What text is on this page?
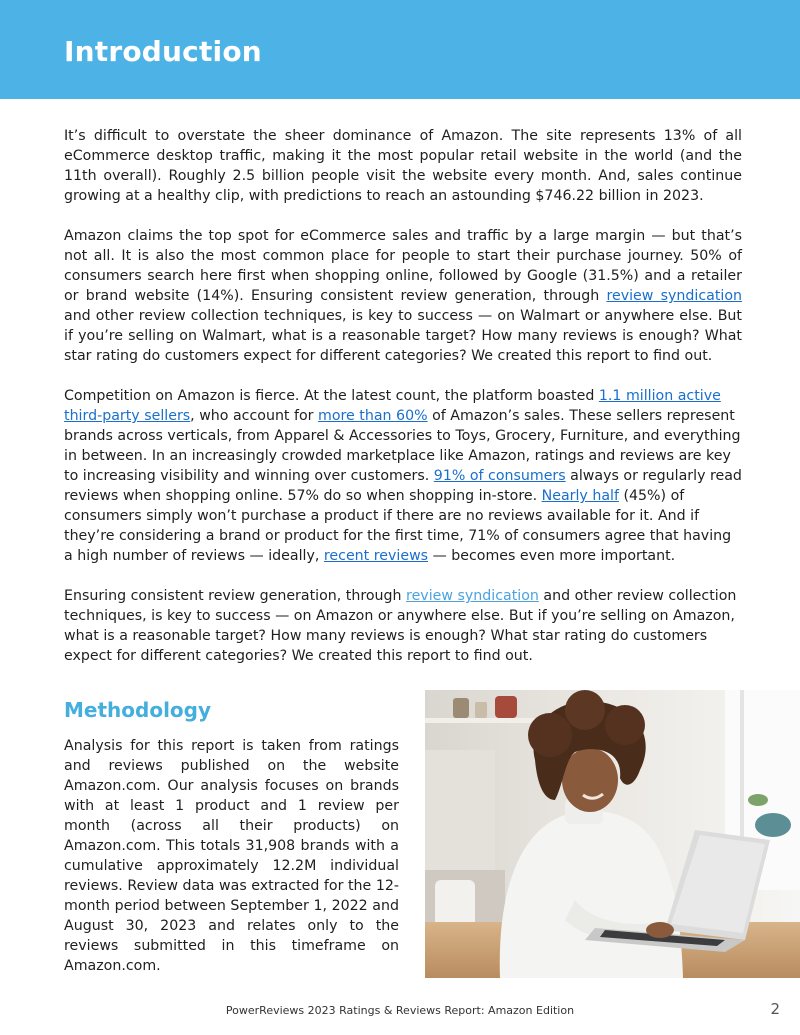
Introduction

It’s difficult to overstate the sheer dominance of Amazon. The site represents 13% of all eCommerce desktop traffic, making it the most popular retail website in the world (and the 11th overall). Roughly 2.5 billion people visit the website every month. And, sales continue growing at a healthy clip, with predictions to reach an astounding $746.22 billion in 2023.

Amazon claims the top spot for eCommerce sales and traffic by a large margin — but that’s not all. It is also the most common place for people to start their purchase journey. 50% of consumers search here first when shopping online, followed by Google (31.5%) and a retailer or brand website (14%). Ensuring consistent review generation, through review syndication and other review collection techniques, is key to success — on Walmart or anywhere else. But if you’re selling on Walmart, what is a reasonable target? How many reviews is enough? What star rating do customers expect for different categories? We created this report to find out.

Competition on Amazon is fierce. At the latest count, the platform boasted 1.1 million active third-party sellers, who account for more than 60% of Amazon’s sales. These sellers represent brands across verticals, from Apparel & Accessories to Toys, Grocery, Furniture, and everything in between. In an increasingly crowded marketplace like Amazon, ratings and reviews are key to increasing visibility and winning over customers. 91% of consumers always or regularly read reviews when shopping online. 57% do so when shopping in-store. Nearly half (45%) of consumers simply won’t purchase a product if there are no reviews available for it. And if they’re considering a brand or product for the first time, 71% of consumers agree that having a high number of reviews — ideally, recent reviews — becomes even more important.

Ensuring consistent review generation, through review syndication and other review collection techniques, is key to success — on Amazon or anywhere else. But if you’re selling on Amazon, what is a reasonable target? How many reviews is enough? What star rating do customers expect for different categories? We created this report to find out.

Methodology

Analysis for this report is taken from ratings and reviews published on the website Amazon.com. Our analysis focuses on brands with at least 1 product and 1 review per month (across all their products) on Amazon.com. This totals 31,908 brands with a cumulative approximately 12.2M individual reviews. Review data was extracted for the 12-month period between September 1, 2022 and August 30, 2023 and relates only to the reviews submitted in this timeframe on Amazon.com.

PowerReviews 2023 Ratings & Reviews Report: Amazon Edition	2
